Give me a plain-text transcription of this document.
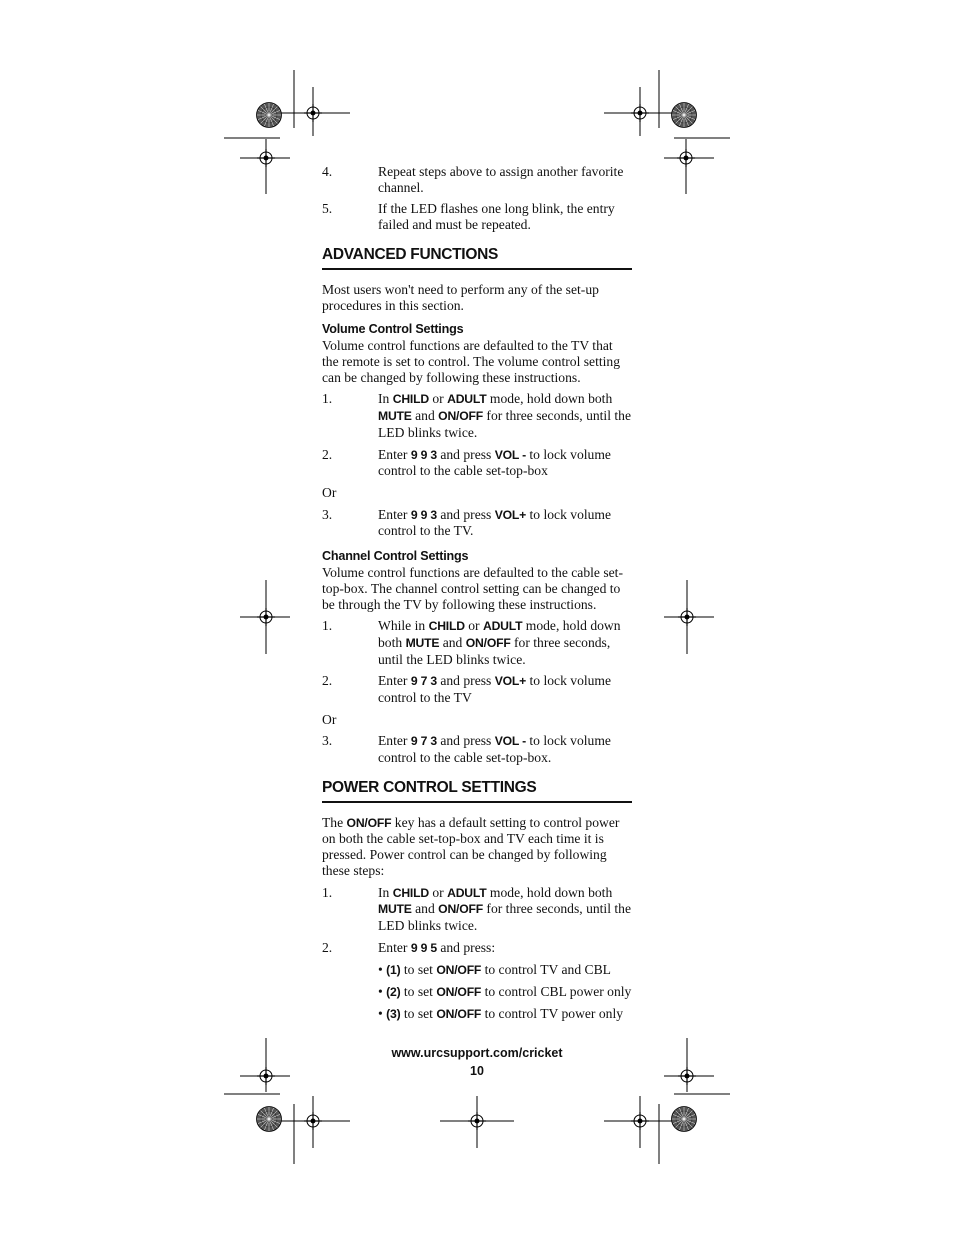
4.	Repeat steps above to assign another favorite channel.
5.	If the LED flashes one long blink, the entry failed and must be repeated.
ADVANCED FUNCTIONS

Most users won't need to perform any of the set-up procedures in this section.

Volume Control Settings

Volume control functions are defaulted to the TV that the remote is set to control. The volume control setting can be changed by following these instructions.

1.	In CHILD or ADULT mode, hold down both MUTE and ON/OFF for three seconds, until the LED blinks twice.
2.	Enter 9 9 3 and press VOL - to lock volume control to the cable set-top-box

Or

3.	Enter 9 9 3 and press VOL+ to lock volume control to the TV.
Channel Control Settings

Volume control functions are defaulted to the cable set-top-box. The channel control setting can be changed to be through the TV by following these instructions.

1.	While in CHILD or ADULT mode, hold down both MUTE and ON/OFF for three seconds, until the LED blinks twice.
2.	Enter 9 7 3 and press VOL+ to lock volume control to the TV

Or

3.	Enter 9 7 3 and press VOL - to lock volume control to the cable set-top-box.
POWER CONTROL SETTINGS

The ON/OFF key has a default setting to control power on both the cable set-top-box and TV each time it is pressed. Power control can be changed by following these steps:

1.	In CHILD or ADULT mode, hold down both MUTE and ON/OFF for three seconds, until the LED blinks twice.
2.	Enter 9 9 5 and press:
• (1) to set ON/OFF to control TV and CBL
• (2) to set ON/OFF to control CBL power only
• (3) to set ON/OFF to control TV power only
www.urcsupport.com/cricket
10
